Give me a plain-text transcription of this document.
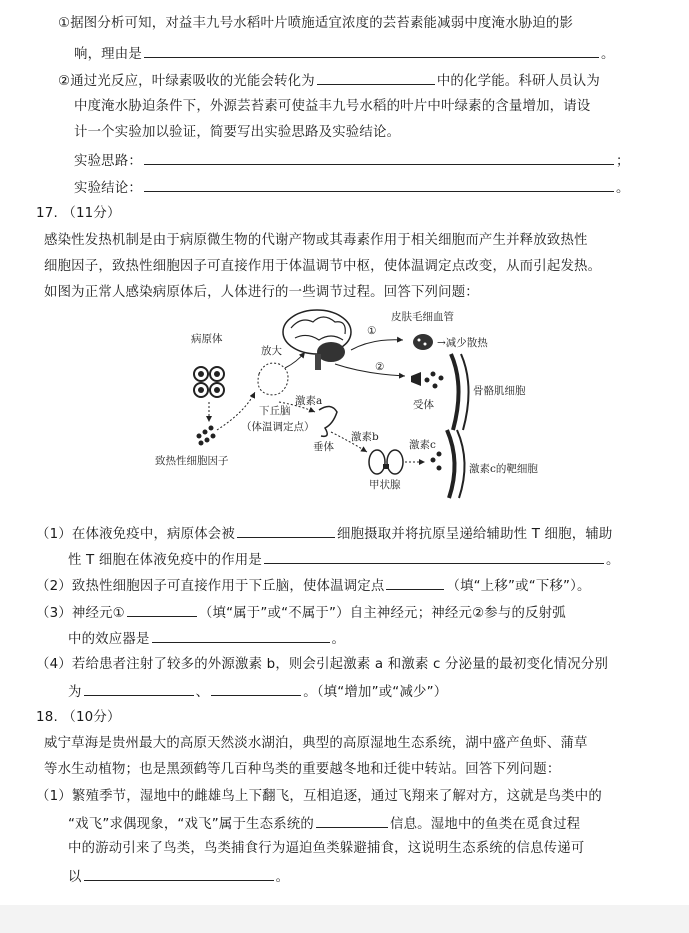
①据图分析可知，对益丰九号水稻叶片喷施适宜浓度的芸苔素能减弱中度淹水胁迫的影
响，理由是	。
②通过光反应，叶绿素吸收的光能会转化为	中的化学能。科研人员认为
中度淹水胁迫条件下，外源芸苔素可使益丰九号水稻的叶片中叶绿素的含量增加，请设
计一个实验加以验证，简要写出实验思路及实验结论。
实验思路：	；
实验结论：	。
17. （11分）
感染性发热机制是由于病原微生物的代谢产物或其毒素作用于相关细胞而产生并释放致热性
细胞因子，致热性细胞因子可直接作用于体温调节中枢，使体温调定点改变，从而引起发热。
如图为正常人感染病原体后，人体进行的一些调节过程。回答下列问题：
病原体
致热性细胞因子
下丘脑
（体温调定点）
放大
①
②
皮肤毛细血管
→减少散热
受体
骨骼肌细胞
激素a
垂体
激素b
甲状腺
激素c
激素c的靶细胞
（1）在体液免疫中，病原体会被	细胞摄取并将抗原呈递给辅助性 T 细胞，辅助
性 T 细胞在体液免疫中的作用是	。
（2）致热性细胞因子可直接作用于下丘脑，使体温调定点	（填“上移”或“下移”）。
（3）神经元①	（填“属于”或“不属于”）自主神经元；神经元②参与的反射弧
中的效应器是	。
（4）若给患者注射了较多的外源激素 b，则会引起激素 a 和激素 c 分泌量的最初变化情况分别
为	、	。（填“增加”或“减少”）
18. （10分）
威宁草海是贵州最大的高原天然淡水湖泊，典型的高原湿地生态系统，湖中盛产鱼虾、蒲草
等水生动植物；也是黑颈鹤等几百种鸟类的重要越冬地和迁徙中转站。回答下列问题：
（1）繁殖季节，湿地中的雌雄鸟上下翻飞，互相追逐，通过飞翔来了解对方，这就是鸟类中的
“戏飞”求偶现象，“戏飞”属于生态系统的	信息。湿地中的鱼类在觅食过程
中的游动引来了鸟类，鸟类捕食行为逼迫鱼类躲避捕食，这说明生态系统的信息传递可
以	。
